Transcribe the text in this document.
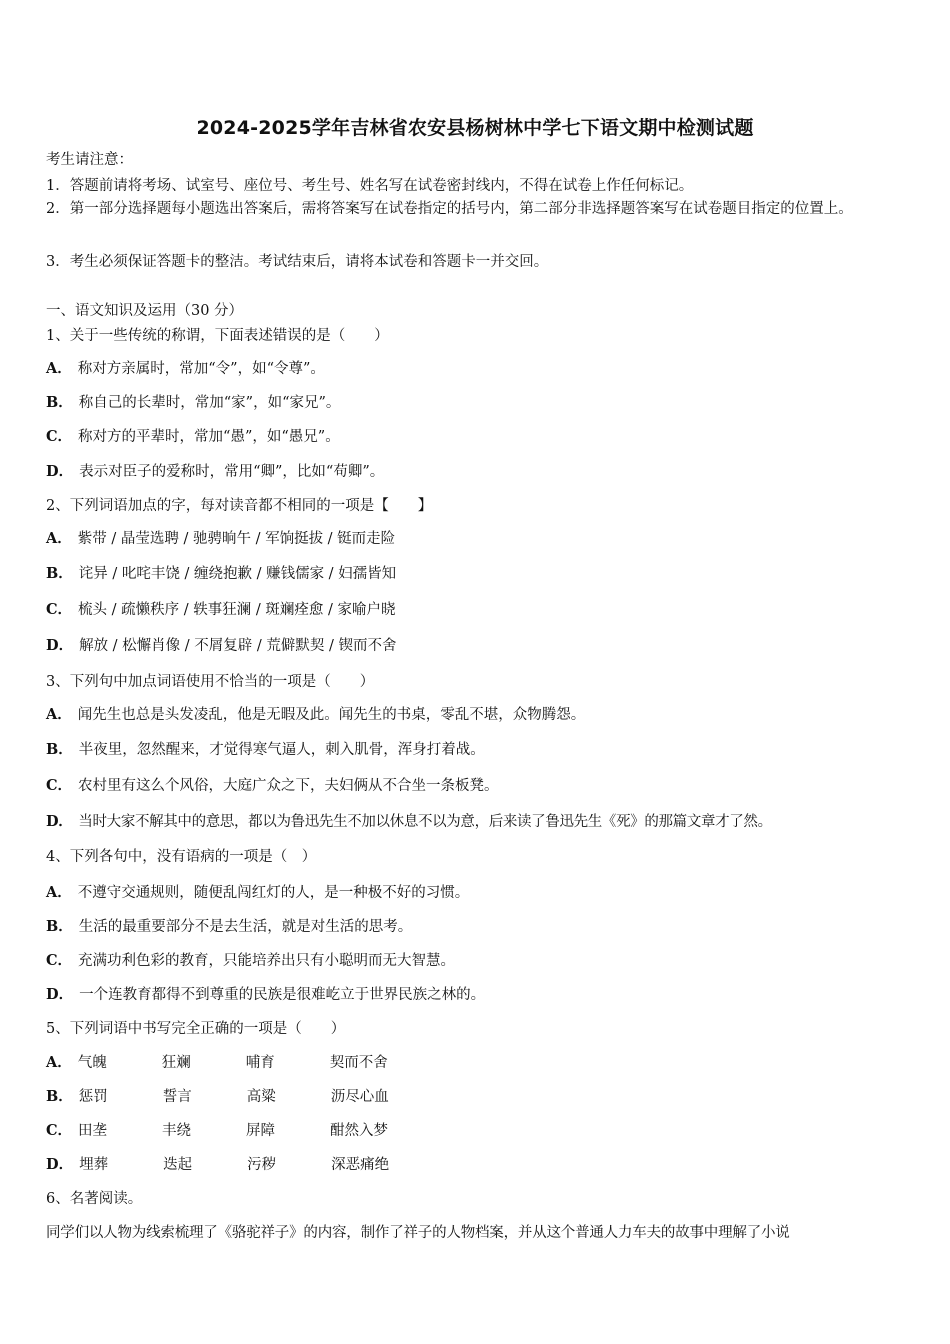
2024-2025学年吉林省农安县杨树林中学七下语文期中检测试题
考生请注意：
1．答题前请将考场、试室号、座位号、考生号、姓名写在试卷密封线内，不得在试卷上作任何标记。
2．第一部分选择题每小题选出答案后，需将答案写在试卷指定的括号内，第二部分非选择题答案写在试卷题目指定的位置上。
3．考生必须保证答题卡的整洁。考试结束后，请将本试卷和答题卡一并交回。
一、语文知识及运用（30 分）
1、关于一些传统的称谓，下面表述错误的是（　　）
A． 称对方亲属时，常加“令”，如“令尊”。
B． 称自己的长辈时，常加“家”，如“家兄”。
C． 称对方的平辈时，常加“愚”，如“愚兄”。
D． 表示对臣子的爱称时，常用“卿”，比如“苟卿”。
2、下列词语加点的字，每对读音都不相同的一项是【　　】
A． 紫带 / 晶莹选聘 / 驰骋晌午 / 军饷挺拔 / 铤而走险
B． 诧异 / 叱咤丰饶 / 缠绕抱歉 / 赚钱儒家 / 妇孺皆知
C． 梳头 / 疏懒秩序 / 轶事狂澜 / 斑斓痊愈 / 家喻户晓
D． 解放 / 松懈肖像 / 不屑复辟 / 荒僻默契 / 锲而不舍
3、下列句中加点词语使用不恰当的一项是（　　）
A． 闻先生也总是头发凌乱，他是无暇及此。闻先生的书桌，零乱不堪，众物腾怨。
B． 半夜里，忽然醒来，才觉得寒气逼人，刺入肌骨，浑身打着战。
C． 农村里有这么个风俗，大庭广众之下，夫妇俩从不合坐一条板凳。
D． 当时大家不解其中的意思，都以为鲁迅先生不加以休息不以为意，后来读了鲁迅先生《死》的那篇文章才了然。
4、下列各句中，没有语病的一项是（　）
A． 不遵守交通规则，随便乱闯红灯的人，是一种极不好的习惯。
B． 生活的最重要部分不是去生活，就是对生活的思考。
C． 充满功利色彩的教育，只能培养出只有小聪明而无大智慧。
D． 一个连教育都得不到尊重的民族是很难屹立于世界民族之林的。
5、下列词语中书写完全正确的一项是（　　）
A． 气魄	狂斓	哺育	契而不舍
B． 惩罚	誓言	高粱	沥尽心血
C． 田垄	丰绕	屏障	酣然入梦
D． 埋葬	迭起	污秽	深恶痛绝
6、名著阅读。
同学们以人物为线索梳理了《骆驼祥子》的内容，制作了祥子的人物档案，并从这个普通人力车夫的故事中理解了小说
